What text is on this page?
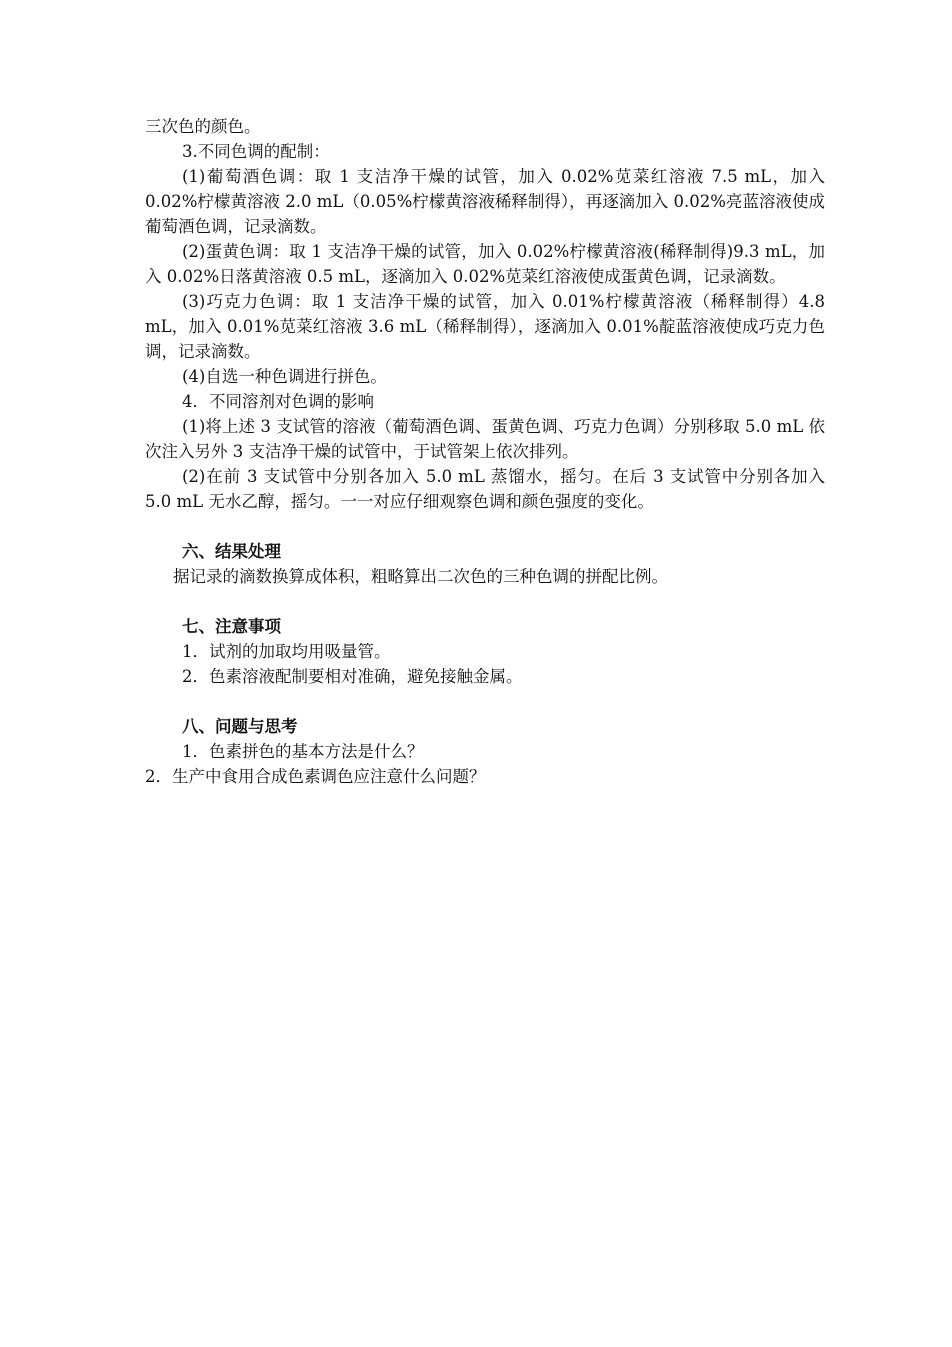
三次色的颜色。

3.不同色调的配制：

(1)葡萄酒色调：取 1 支洁净干燥的试管，加入 0.02%苋菜红溶液 7.5 mL，加入 0.02%柠檬黄溶液 2.0 mL（0.05%柠檬黄溶液稀释制得），再逐滴加入 0.02%亮蓝溶液使成葡萄酒色调，记录滴数。

(2)蛋黄色调：取 1 支洁净干燥的试管，加入 0.02%柠檬黄溶液(稀释制得)9.3 mL，加入 0.02%日落黄溶液 0.5 mL，逐滴加入 0.02%苋菜红溶液使成蛋黄色调，记录滴数。

(3)巧克力色调：取 1 支洁净干燥的试管，加入 0.01%柠檬黄溶液（稀释制得）4.8 mL，加入 0.01%苋菜红溶液 3.6 mL（稀释制得），逐滴加入 0.01%靛蓝溶液使成巧克力色调，记录滴数。

(4)自选一种色调进行拼色。

4．不同溶剂对色调的影响

(1)将上述 3 支试管的溶液（葡萄酒色调、蛋黄色调、巧克力色调）分别移取 5.0 mL 依次注入另外 3 支洁净干燥的试管中，于试管架上依次排列。

(2)在前 3 支试管中分别各加入 5.0 mL 蒸馏水，摇匀。在后 3 支试管中分别各加入 5.0 mL 无水乙醇，摇匀。一一对应仔细观察色调和颜色强度的变化。

六、结果处理

据记录的滴数换算成体积，粗略算出二次色的三种色调的拼配比例。

七、注意事项

1．试剂的加取均用吸量管。

2．色素溶液配制要相对准确，避免接触金属。

八、问题与思考

1．色素拼色的基本方法是什么？

2．生产中食用合成色素调色应注意什么问题？
